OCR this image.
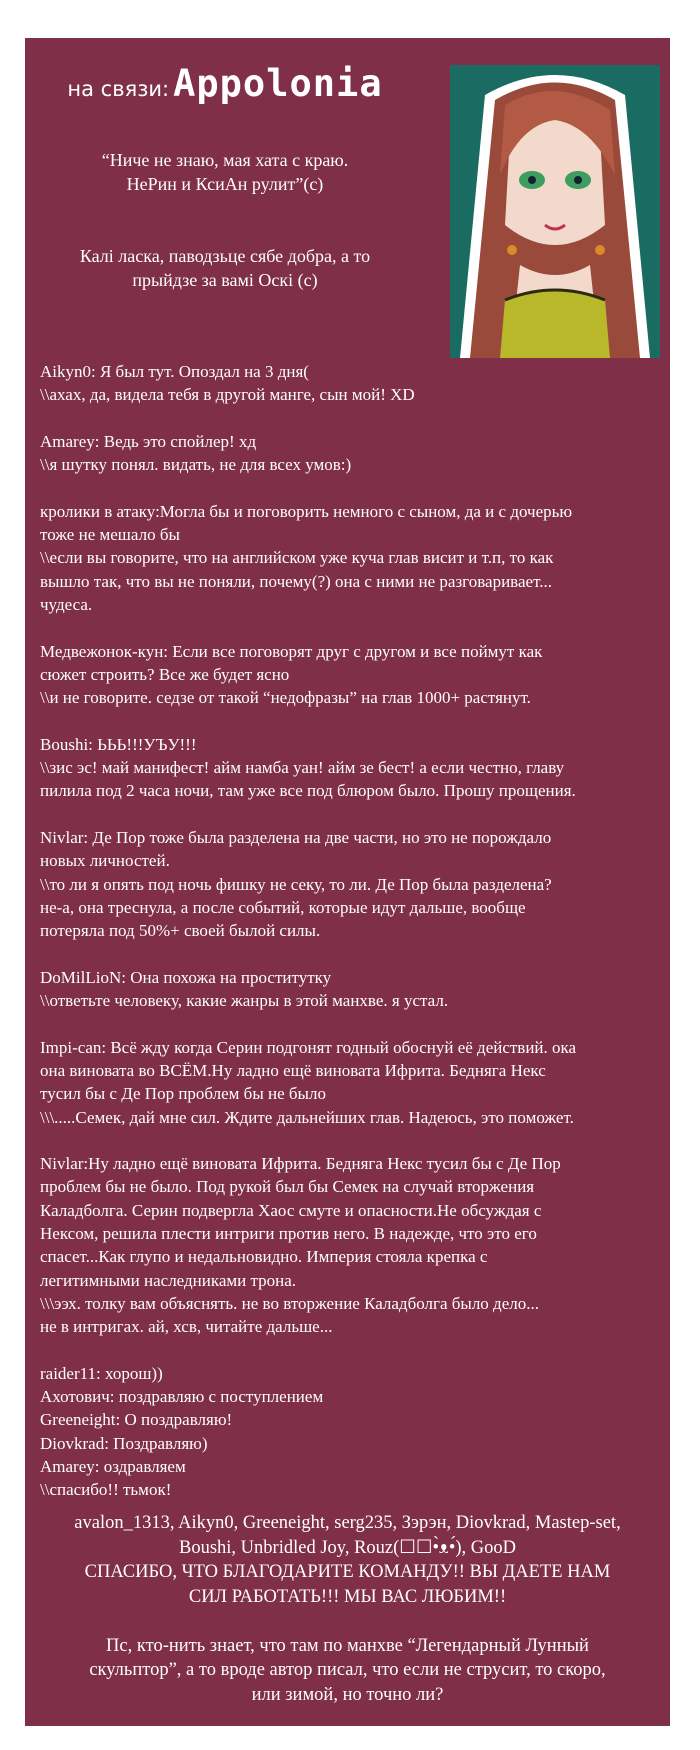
на связи: Appolonia
“Ниче не знаю, мая хата с краю.
НеРин и КсиАн рулит”(с)
Калі ласка, паводзьце сябе добра, а то
прыйдзе за вамі Оскі (с)
Aikyn0: Я был тут. Опоздал на 3 дня(
\\ахах, да, видела тебя в другой манге, сын мой! XD
Amarey: Ведь это спойлер! хд
\\я шутку понял. видать, не для всех умов:)
кролики в атаку:Могла бы и поговорить немного с сыном, да и с дочерью
тоже не мешало бы
\\если вы говорите, что на английском уже куча глав висит и т.п, то как
вышло так, что вы не поняли, почему(?) она с ними не разговаривает...
чудеса.
Медвежонок-кун: Если все поговорят друг с другом и все поймут как
сюжет строить? Все же будет ясно
\\и не говорите. седзе от такой “недофразы” на глав 1000+ растянут.
Boushi: ЬЬЬ!!!УЪУ!!!
\\зис эс! май манифест! айм намба уан! айм зе бест! а если честно, главу
пилила под 2 часа ночи, там уже все под блюром было. Прошу прощения.
Nivlar: Де Пор тоже была разделена на две части, но это не порождало
новых личностей.
\\то ли я опять под ночь фишку не секу, то ли. Де Пор была разделена?
не-а, она треснула, а после событий, которые идут дальше, вообще
потеряла под 50%+ своей былой силы.
DoMilLioN: Она похожа на проститутку
\\ответьте человеку, какие жанры в этой манхве. я устал.
Impi-can: Всё жду когда Серин подгонят годный обоснуй её действий. ока
она виновата во ВСЁМ.Ну ладно ещё виновата Ифрита. Бедняга Некс
тусил бы с Де Пор проблем бы не было
\\\.....Семек, дай мне сил. Ждите дальнейших глав. Надеюсь, это поможет.
Nivlar:Ну ладно ещё виновата Ифрита. Бедняга Некс тусил бы с Де Пор
проблем бы не было. Под рукой был бы Семек на случай вторжения
Каладболга. Серин подвергла Хаос смуте и опасности.Не обсуждая с
Нексом, решила плести интриги против него. В надежде, что это его
спасет...Как глупо и недальновидно. Империя стояла крепка с
легитимными наследниками трона.
\\\ээх. толку вам объяснять. не во вторжение Каладболга было дело...
не в интригах. ай, хсв, читайте дальше...
raider11: хорош))
Ахотович: поздравляю с поступлением
Greeneight: О поздравляю!
Diovkrad: Поздравляю)
Amarey: оздравляем
\\спасибо!! тьмок!
avalon_1313, Aikyn0, Greeneight, serg235, Зэрэн, Diovkrad, Mastep-set,
Boushi, Unbridled Joy, Rouz(☐☐•̀ᴥ•́), GooD
СПАСИБО, ЧТО БЛАГОДАРИТЕ КОМАНДУ!! ВЫ ДАЕТЕ НАМ
СИЛ РАБОТАТЬ!!! МЫ ВАС ЛЮБИМ!!
Пс, кто-нить знает, что там по манхве “Легендарный Лунный
скульптор”, а то вроде автор писал, что если не струсит, то скоро,
или зимой, но точно ли?
